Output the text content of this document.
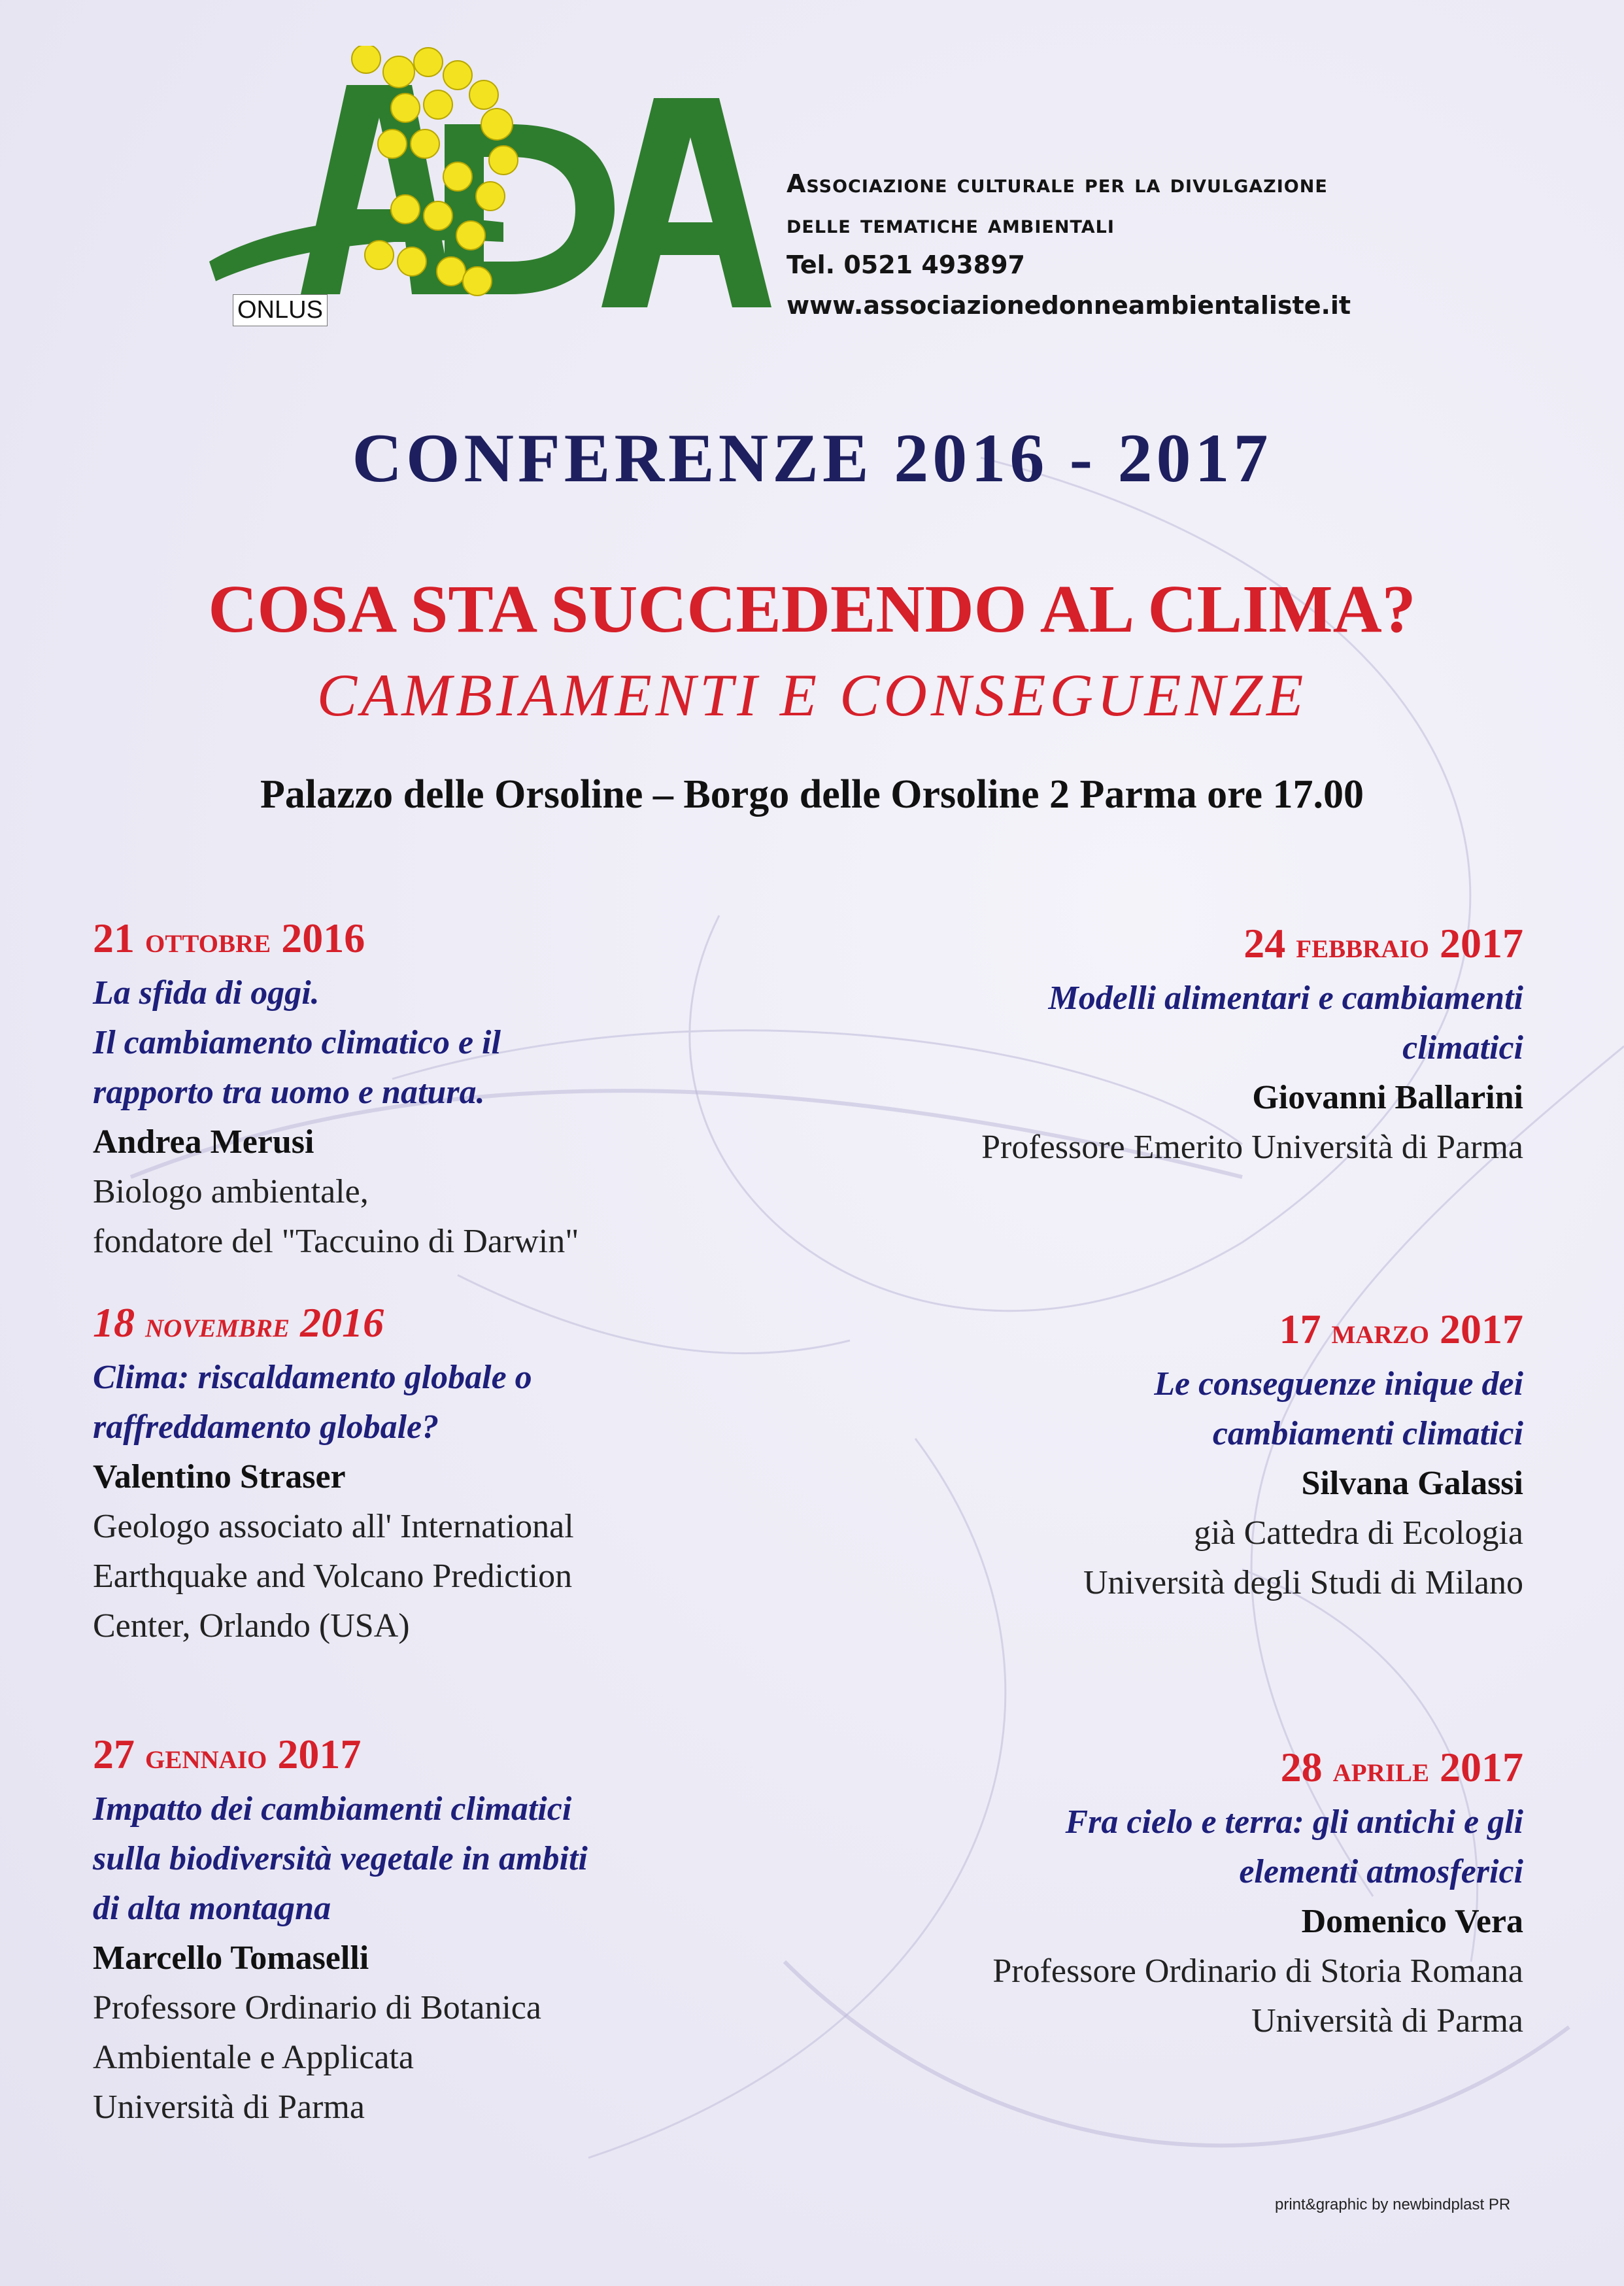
ONLUS
Associazione culturale per la divulgazione
delle tematiche ambientali
Tel. 0521 493897
www.associazionedonneambientaliste.it
CONFERENZE 2016 - 2017
COSA STA SUCCEDENDO AL CLIMA?
CAMBIAMENTI E CONSEGUENZE
Palazzo delle Orsoline – Borgo delle Orsoline 2 Parma ore 17.00
21 ottobre 2016
La sfida di oggi.
Il cambiamento climatico e il
rapporto tra uomo e natura.
Andrea Merusi
Biologo ambientale,
fondatore del "Taccuino di Darwin"
18 novembre 2016
Clima: riscaldamento globale o
raffreddamento globale?
Valentino Straser
Geologo associato all' International
Earthquake and Volcano Prediction
Center, Orlando (USA)
27 gennaio 2017
Impatto dei cambiamenti climatici
sulla biodiversità vegetale in ambiti
di alta montagna
Marcello Tomaselli
Professore Ordinario di Botanica
Ambientale e Applicata
Università di Parma
24 febbraio 2017
Modelli alimentari e cambiamenti
climatici
Giovanni Ballarini
Professore Emerito Università di Parma
17 marzo 2017
Le conseguenze inique dei
cambiamenti climatici
Silvana Galassi
già Cattedra di Ecologia
Università degli Studi di Milano
28 aprile 2017
Fra cielo e terra: gli antichi e gli
elementi atmosferici
Domenico Vera
Professore Ordinario di Storia Romana
Università di Parma
print&graphic by newbindplast PR
